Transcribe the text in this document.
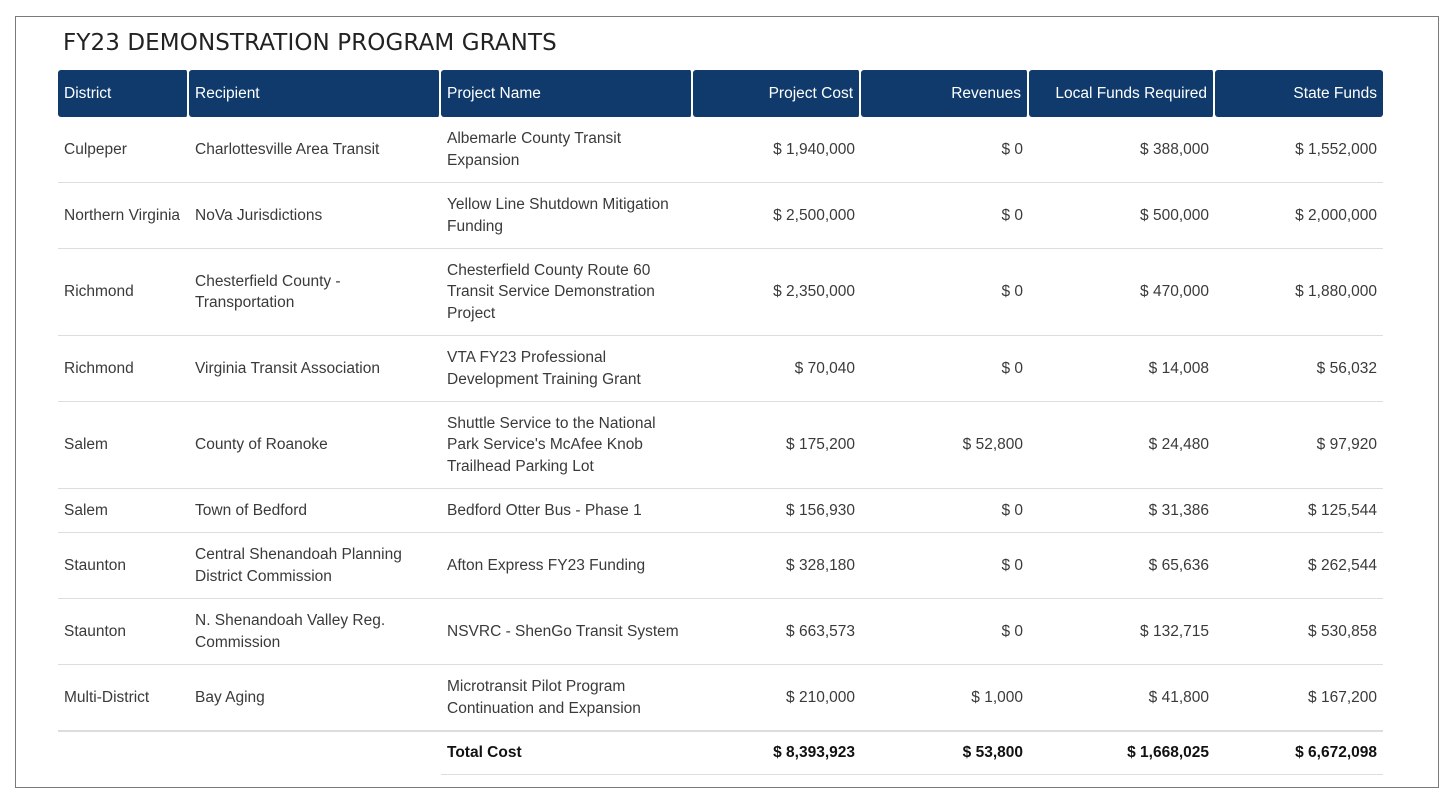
FY23 DEMONSTRATION PROGRAM GRANTS
District	Recipient	Project Name	Project Cost	Revenues	Local Funds Required	State Funds
Culpeper	Charlottesville Area Transit	Albemarle County Transit Expansion	$ 1,940,000	$ 0	$ 388,000	$ 1,552,000
Northern Virginia	NoVa Jurisdictions	Yellow Line Shutdown Mitigation Funding	$ 2,500,000	$ 0	$ 500,000	$ 2,000,000
Richmond	Chesterfield County - Transportation	Chesterfield County Route 60 Transit Service Demonstration Project	$ 2,350,000	$ 0	$ 470,000	$ 1,880,000
Richmond	Virginia Transit Association	VTA FY23 Professional Development Training Grant	$ 70,040	$ 0	$ 14,008	$ 56,032
Salem	County of Roanoke	Shuttle Service to the National Park Service's McAfee Knob Trailhead Parking Lot	$ 175,200	$ 52,800	$ 24,480	$ 97,920
Salem	Town of Bedford	Bedford Otter Bus - Phase 1	$ 156,930	$ 0	$ 31,386	$ 125,544
Staunton	Central Shenandoah Planning District Commission	Afton Express FY23 Funding	$ 328,180	$ 0	$ 65,636	$ 262,544
Staunton	N. Shenandoah Valley Reg. Commission	NSVRC - ShenGo Transit System	$ 663,573	$ 0	$ 132,715	$ 530,858
Multi-District	Bay Aging	Microtransit Pilot Program Continuation and Expansion	$ 210,000	$ 1,000	$ 41,800	$ 167,200
		Total Cost	$ 8,393,923	$ 53,800	$ 1,668,025	$ 6,672,098
